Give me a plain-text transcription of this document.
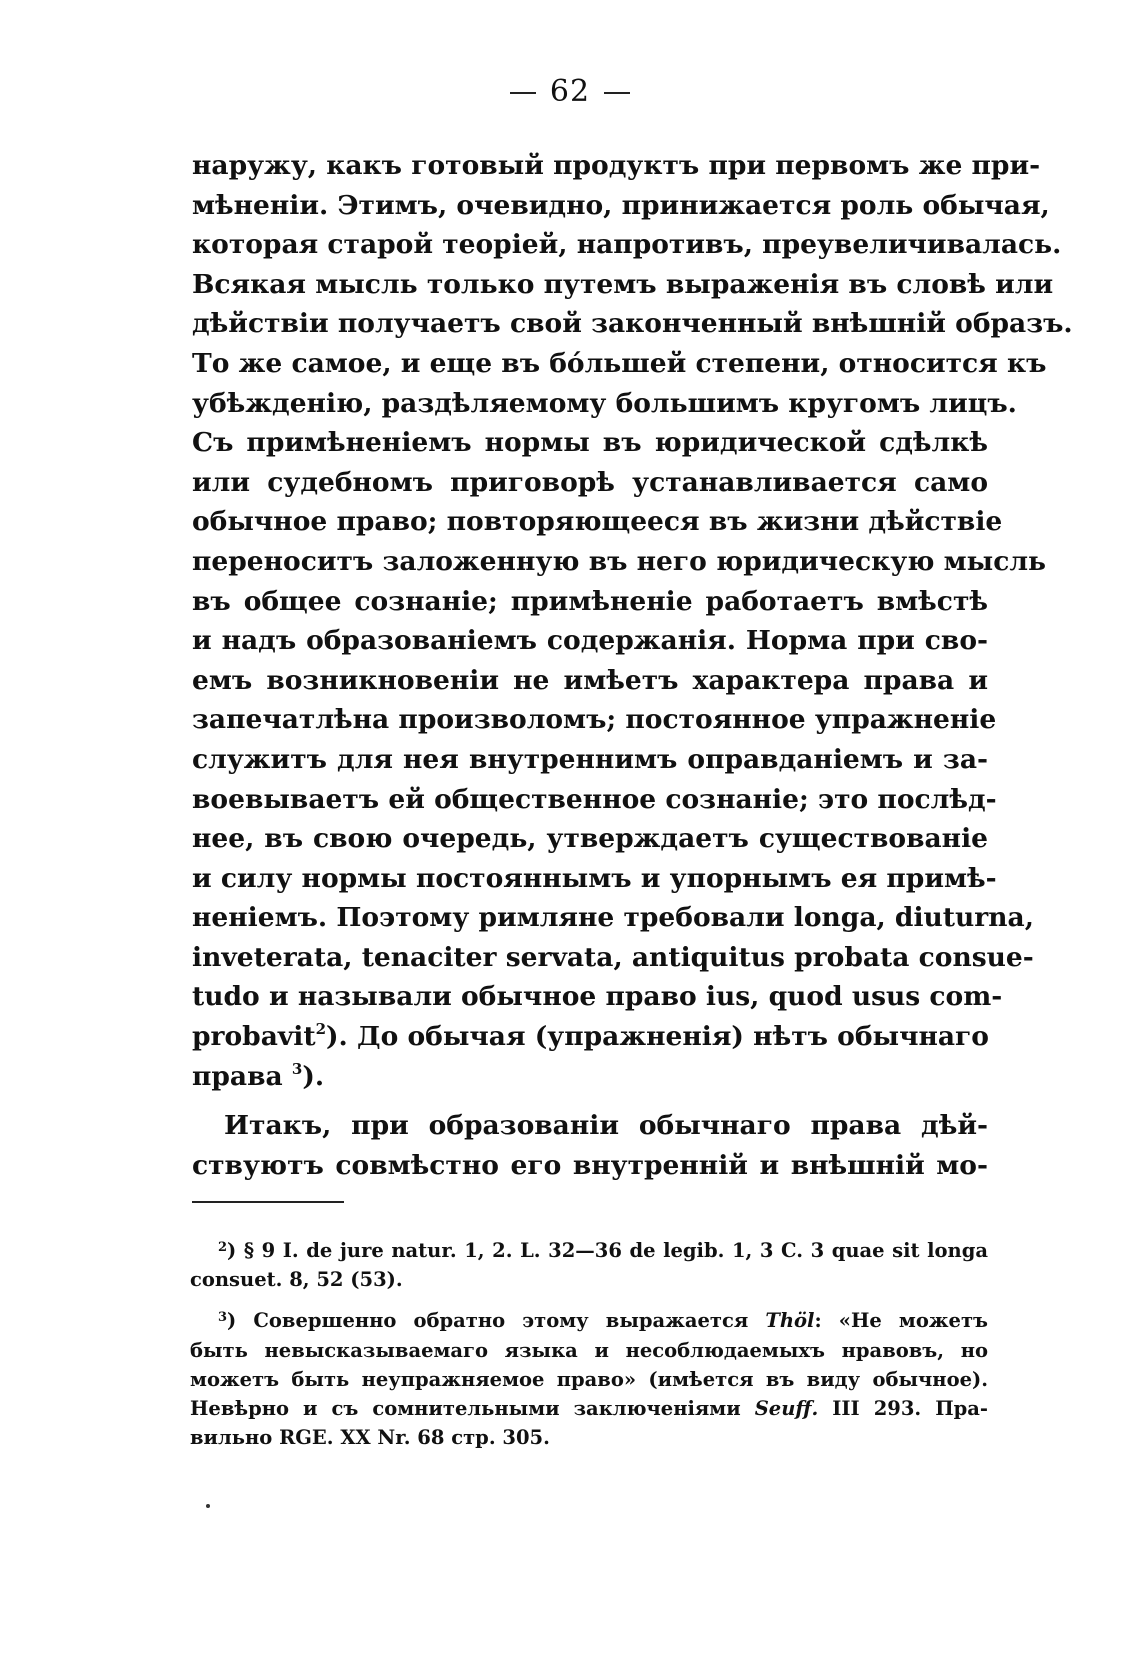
62
наружу, какъ готовый продуктъ при первомъ же при-
мѣненіи. Этимъ, очевидно, принижается роль обычая,
которая старой теоріей, напротивъ, преувеличивалась.
Всякая мысль только путемъ выраженія въ словѣ или
дѣйствіи получаетъ свой законченный внѣшній образъ.
То же самое, и еще въ бо́льшей степени, относится къ
убѣжденію, раздѣляемому большимъ кругомъ лицъ.
Съ примѣненіемъ нормы въ юридической сдѣлкѣ
или судебномъ приговорѣ устанавливается само
обычное право; повторяющееся въ жизни дѣйствіе
переноситъ заложенную въ него юридическую мысль
въ общее сознаніе; примѣненіе работаетъ вмѣстѣ
и надъ образованіемъ содержанія. Норма при сво-
емъ возникновеніи не имѣетъ характера права и
запечатлѣна произволомъ; постоянное упражненіе
служитъ для нея внутреннимъ оправданіемъ и за-
воевываетъ ей общественное сознаніе; это послѣд-
нее, въ свою очередь, утверждаетъ существованіе
и силу нормы постояннымъ и упорнымъ ея примѣ-
неніемъ. Поэтому римляне требовали longa, diuturna,
inveterata, tenaciter servata, antiquitus probata consue-
tudo и называли обычное право ius, quod usus com-
probavit$^2$). До обычая (упражненія) нѣтъ обычнаго
права $^3$).
Итакъ, при образованіи обычнаго права дѣй-
ствуютъ совмѣстно его внутренній и внѣшній мо-
$^2$) § 9 I. de jure natur. 1, 2. L. 32—36 de legib. 1, 3 C. 3 quae sit longa
consuet. 8, 52 (53).
$^3$) Совершенно обратно этому выражается Thöl: «Не можетъ
быть невысказываемаго языка и несоблюдаемыхъ нравовъ, но
можетъ быть неупражняемое право» (имѣется въ виду обычное).
Невѣрно и съ сомнительными заключеніями Seuff. III 293. Пра-
вильно RGE. XX Nr. 68 стр. 305.
